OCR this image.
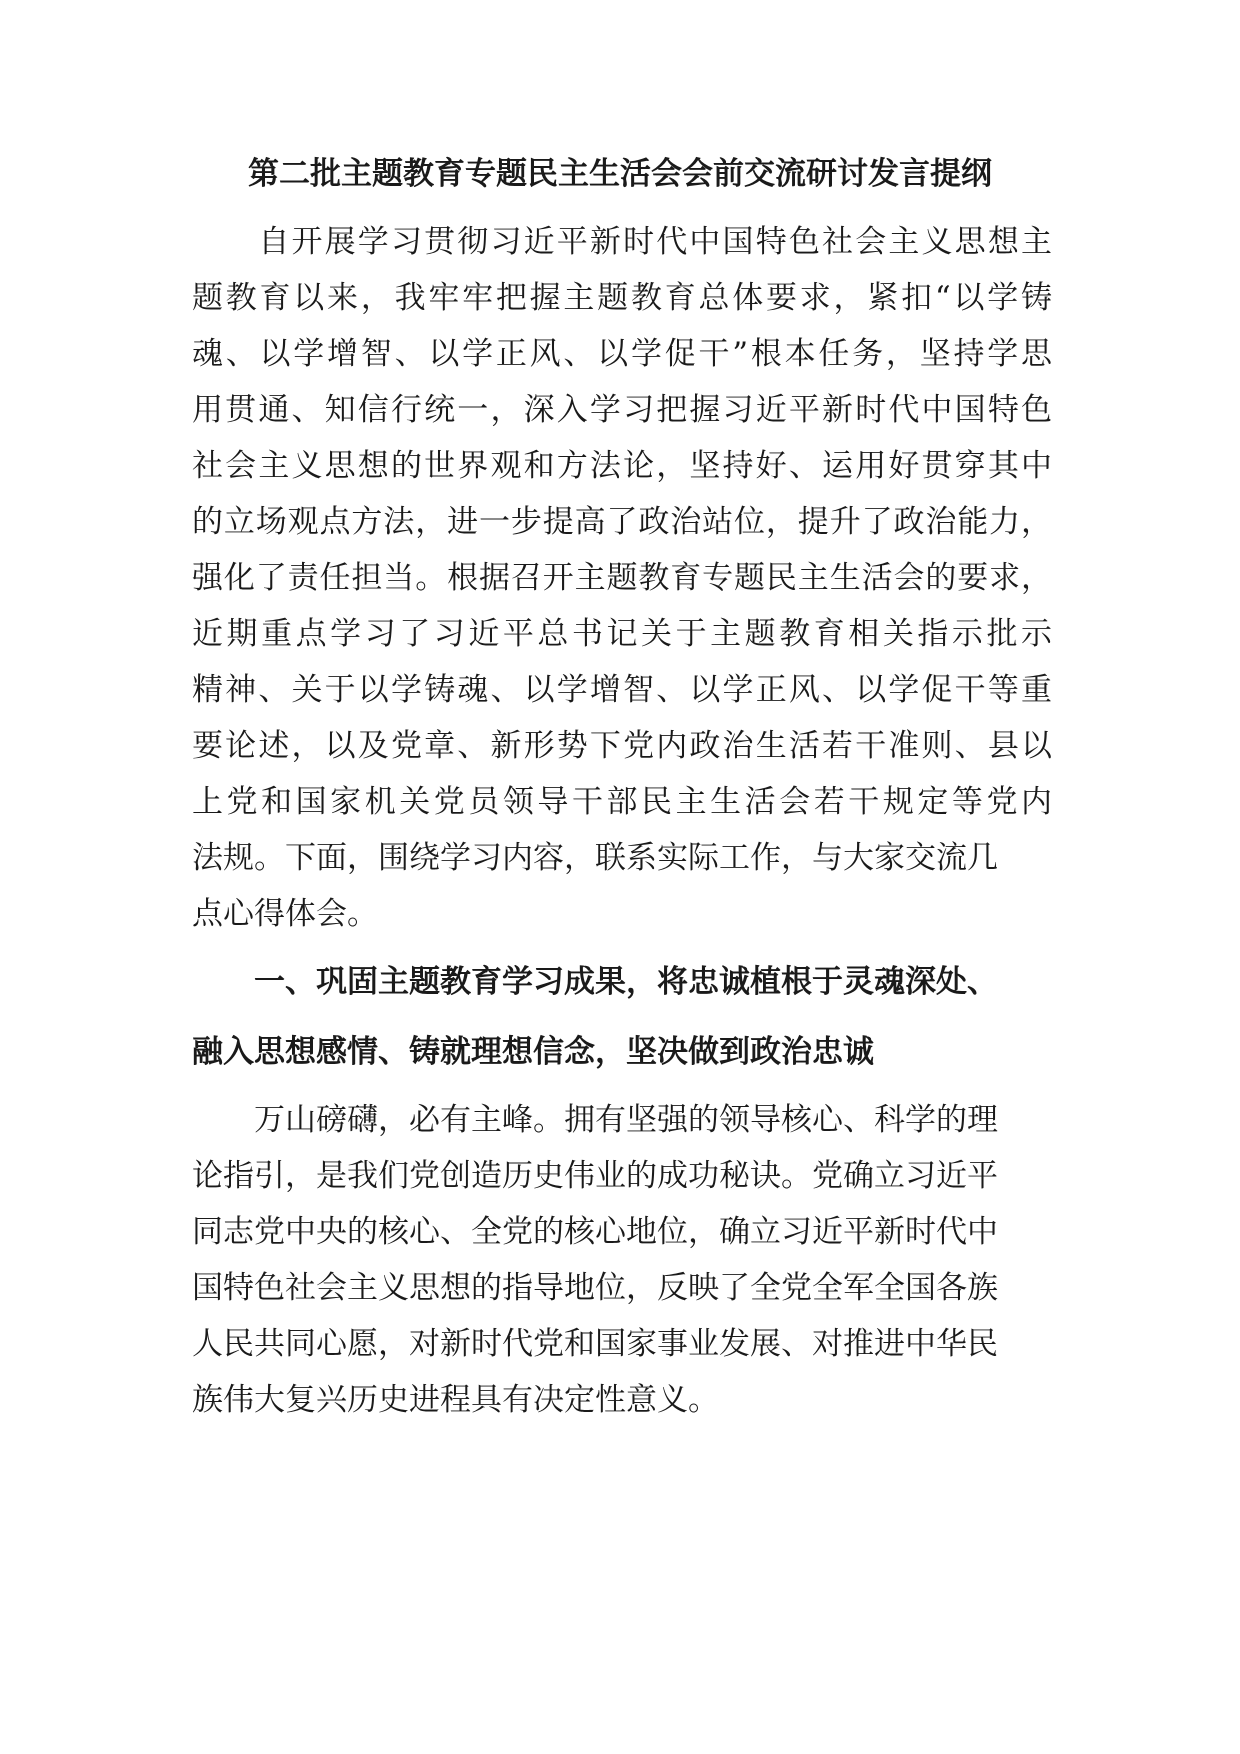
第二批主题教育专题民主生活会会前交流研讨发言提纲
　　自开展学习贯彻习近平新时代中国特色社会主义思想主
题教育以来，我牢牢把握主题教育总体要求，紧扣“以学铸
魂、以学增智、以学正风、以学促干”根本任务，坚持学思
用贯通、知信行统一，深入学习把握习近平新时代中国特色
社会主义思想的世界观和方法论，坚持好、运用好贯穿其中
的立场观点方法，进一步提高了政治站位，提升了政治能力，
强化了责任担当。根据召开主题教育专题民主生活会的要求，
近期重点学习了习近平总书记关于主题教育相关指示批示
精神、关于以学铸魂、以学增智、以学正风、以学促干等重
要论述，以及党章、新形势下党内政治生活若干准则、县以
上党和国家机关党员领导干部民主生活会若干规定等党内
法规。下面，围绕学习内容，联系实际工作，与大家交流几
点心得体会。
　　一、巩固主题教育学习成果，将忠诚植根于灵魂深处、
融入思想感情、铸就理想信念，坚决做到政治忠诚
　　万山磅礴，必有主峰。拥有坚强的领导核心、科学的理
论指引，是我们党创造历史伟业的成功秘诀。党确立习近平
同志党中央的核心、全党的核心地位，确立习近平新时代中
国特色社会主义思想的指导地位，反映了全党全军全国各族
人民共同心愿，对新时代党和国家事业发展、对推进中华民
族伟大复兴历史进程具有决定性意义。
